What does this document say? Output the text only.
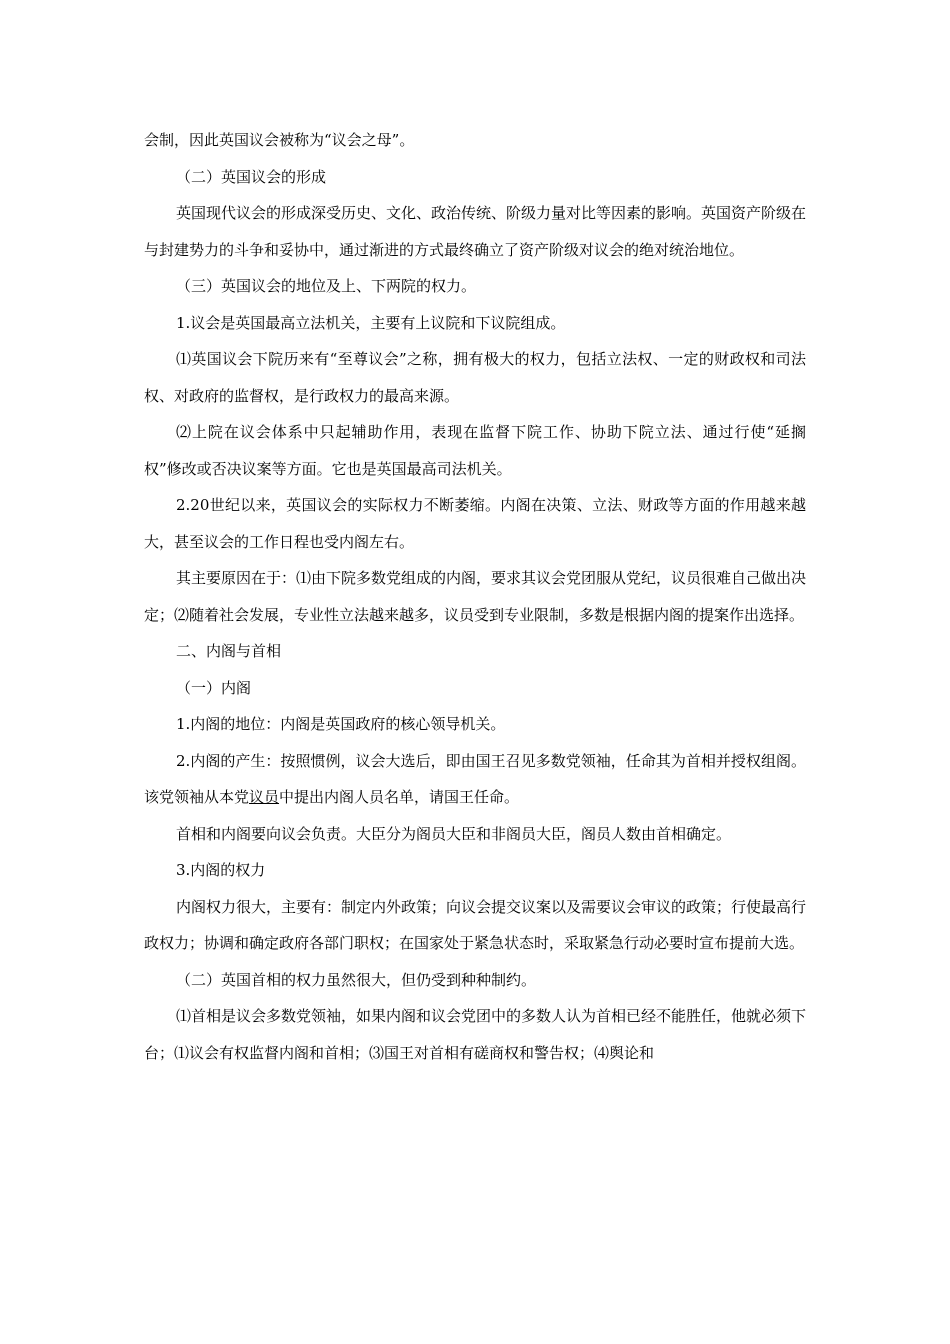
会制，因此英国议会被称为“议会之母”。

（二）英国议会的形成

英国现代议会的形成深受历史、文化、政治传统、阶级力量对比等因素的影响。英国资产阶级在与封建势力的斗争和妥协中，通过渐进的方式最终确立了资产阶级对议会的绝对统治地位。

（三）英国议会的地位及上、下两院的权力。

1.议会是英国最高立法机关，主要有上议院和下议院组成。

⑴英国议会下院历来有“至尊议会”之称，拥有极大的权力，包括立法权、一定的财政权和司法权、对政府的监督权，是行政权力的最高来源。

⑵上院在议会体系中只起辅助作用，表现在监督下院工作、协助下院立法、通过行使“延搁权”修改或否决议案等方面。它也是英国最高司法机关。

2.20世纪以来，英国议会的实际权力不断萎缩。内阁在决策、立法、财政等方面的作用越来越大，甚至议会的工作日程也受内阁左右。

其主要原因在于：⑴由下院多数党组成的内阁，要求其议会党团服从党纪，议员很难自己做出决定；⑵随着社会发展，专业性立法越来越多，议员受到专业限制，多数是根据内阁的提案作出选择。

二、内阁与首相

（一）内阁

1.内阁的地位：内阁是英国政府的核心领导机关。

2.内阁的产生：按照惯例，议会大选后，即由国王召见多数党领袖，任命其为首相并授权组阁。该党领袖从本党议员中提出内阁人员名单，请国王任命。

首相和内阁要向议会负责。大臣分为阁员大臣和非阁员大臣，阁员人数由首相确定。

3.内阁的权力

内阁权力很大，主要有：制定内外政策；向议会提交议案以及需要议会审议的政策；行使最高行政权力；协调和确定政府各部门职权；在国家处于紧急状态时，采取紧急行动必要时宣布提前大选。

（二）英国首相的权力虽然很大，但仍受到种种制约。

⑴首相是议会多数党领袖，如果内阁和议会党团中的多数人认为首相已经不能胜任，他就必须下台；⑴议会有权监督内阁和首相；⑶国王对首相有磋商权和警告权；⑷舆论和
